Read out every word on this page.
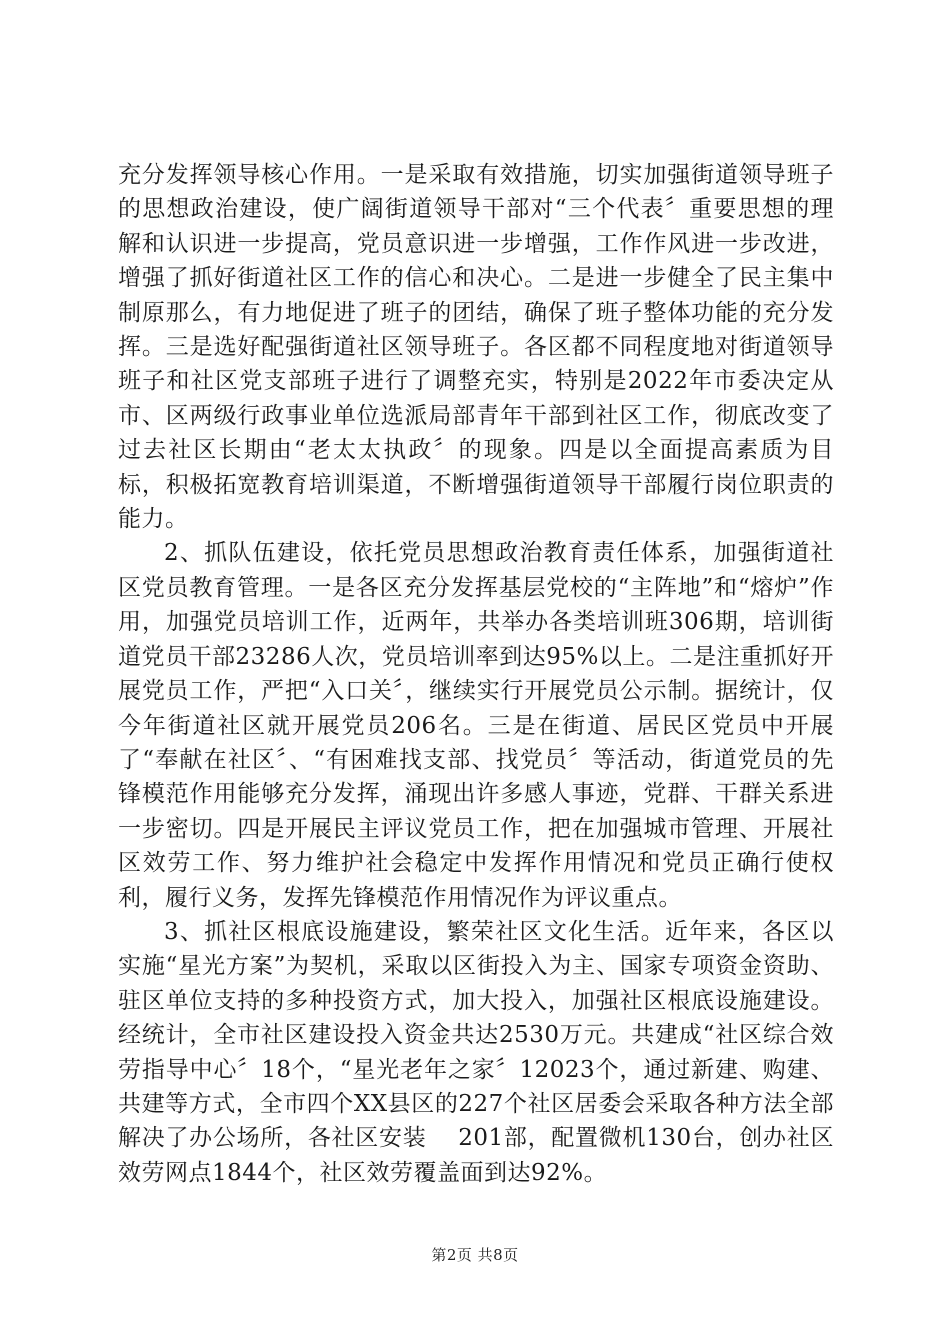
充分发挥领导核心作用。一是采取有效措施，切实加强街道领导班子的思想政治建设，使广阔街道领导干部对“三个代表〞重要思想的理解和认识进一步提高，党员意识进一步增强，工作作风进一步改进，增强了抓好街道社区工作的信心和决心。二是进一步健全了民主集中制原那么，有力地促进了班子的团结，确保了班子整体功能的充分发挥。三是选好配强街道社区领导班子。各区都不同程度地对街道领导班子和社区党支部班子进行了调整充实，特别是2022年市委决定从市、区两级行政事业单位选派局部青年干部到社区工作，彻底改变了过去社区长期由“老太太执政〞的现象。四是以全面提高素质为目标，积极拓宽教育培训渠道，不断增强街道领导干部履行岗位职责的能力。

2、抓队伍建设，依托党员思想政治教育责任体系，加强街道社区党员教育管理。一是各区充分发挥基层党校的“主阵地”和“熔炉”作用，加强党员培训工作，近两年，共举办各类培训班306期，培训街道党员干部23286人次，党员培训率到达95%以上。二是注重抓好开展党员工作，严把“入口关〞，继续实行开展党员公示制。据统计，仅今年街道社区就开展党员206名。三是在街道、居民区党员中开展了“奉献在社区〞、“有困难找支部、找党员〞等活动，街道党员的先锋模范作用能够充分发挥，涌现出许多感人事迹，党群、干群关系进一步密切。四是开展民主评议党员工作，把在加强城市管理、开展社区效劳工作、努力维护社会稳定中发挥作用情况和党员正确行使权利，履行义务，发挥先锋模范作用情况作为评议重点。

3、抓社区根底设施建设，繁荣社区文化生活。近年来，各区以实施“星光方案”为契机，采取以区街投入为主、国家专项资金资助、驻区单位支持的多种投资方式，加大投入，加强社区根底设施建设。经统计，全市社区建设投入资金共达2530万元。共建成“社区综合效劳指导中心〞18个，“星光老年之家〞12023个，通过新建、购建、共建等方式，全市四个XX县区的227个社区居委会采取各种方法全部解决了办公场所，各社区安装　 201部，配置微机130台，创办社区效劳网点1844个，社区效劳覆盖面到达92%。

第2页 共8页
